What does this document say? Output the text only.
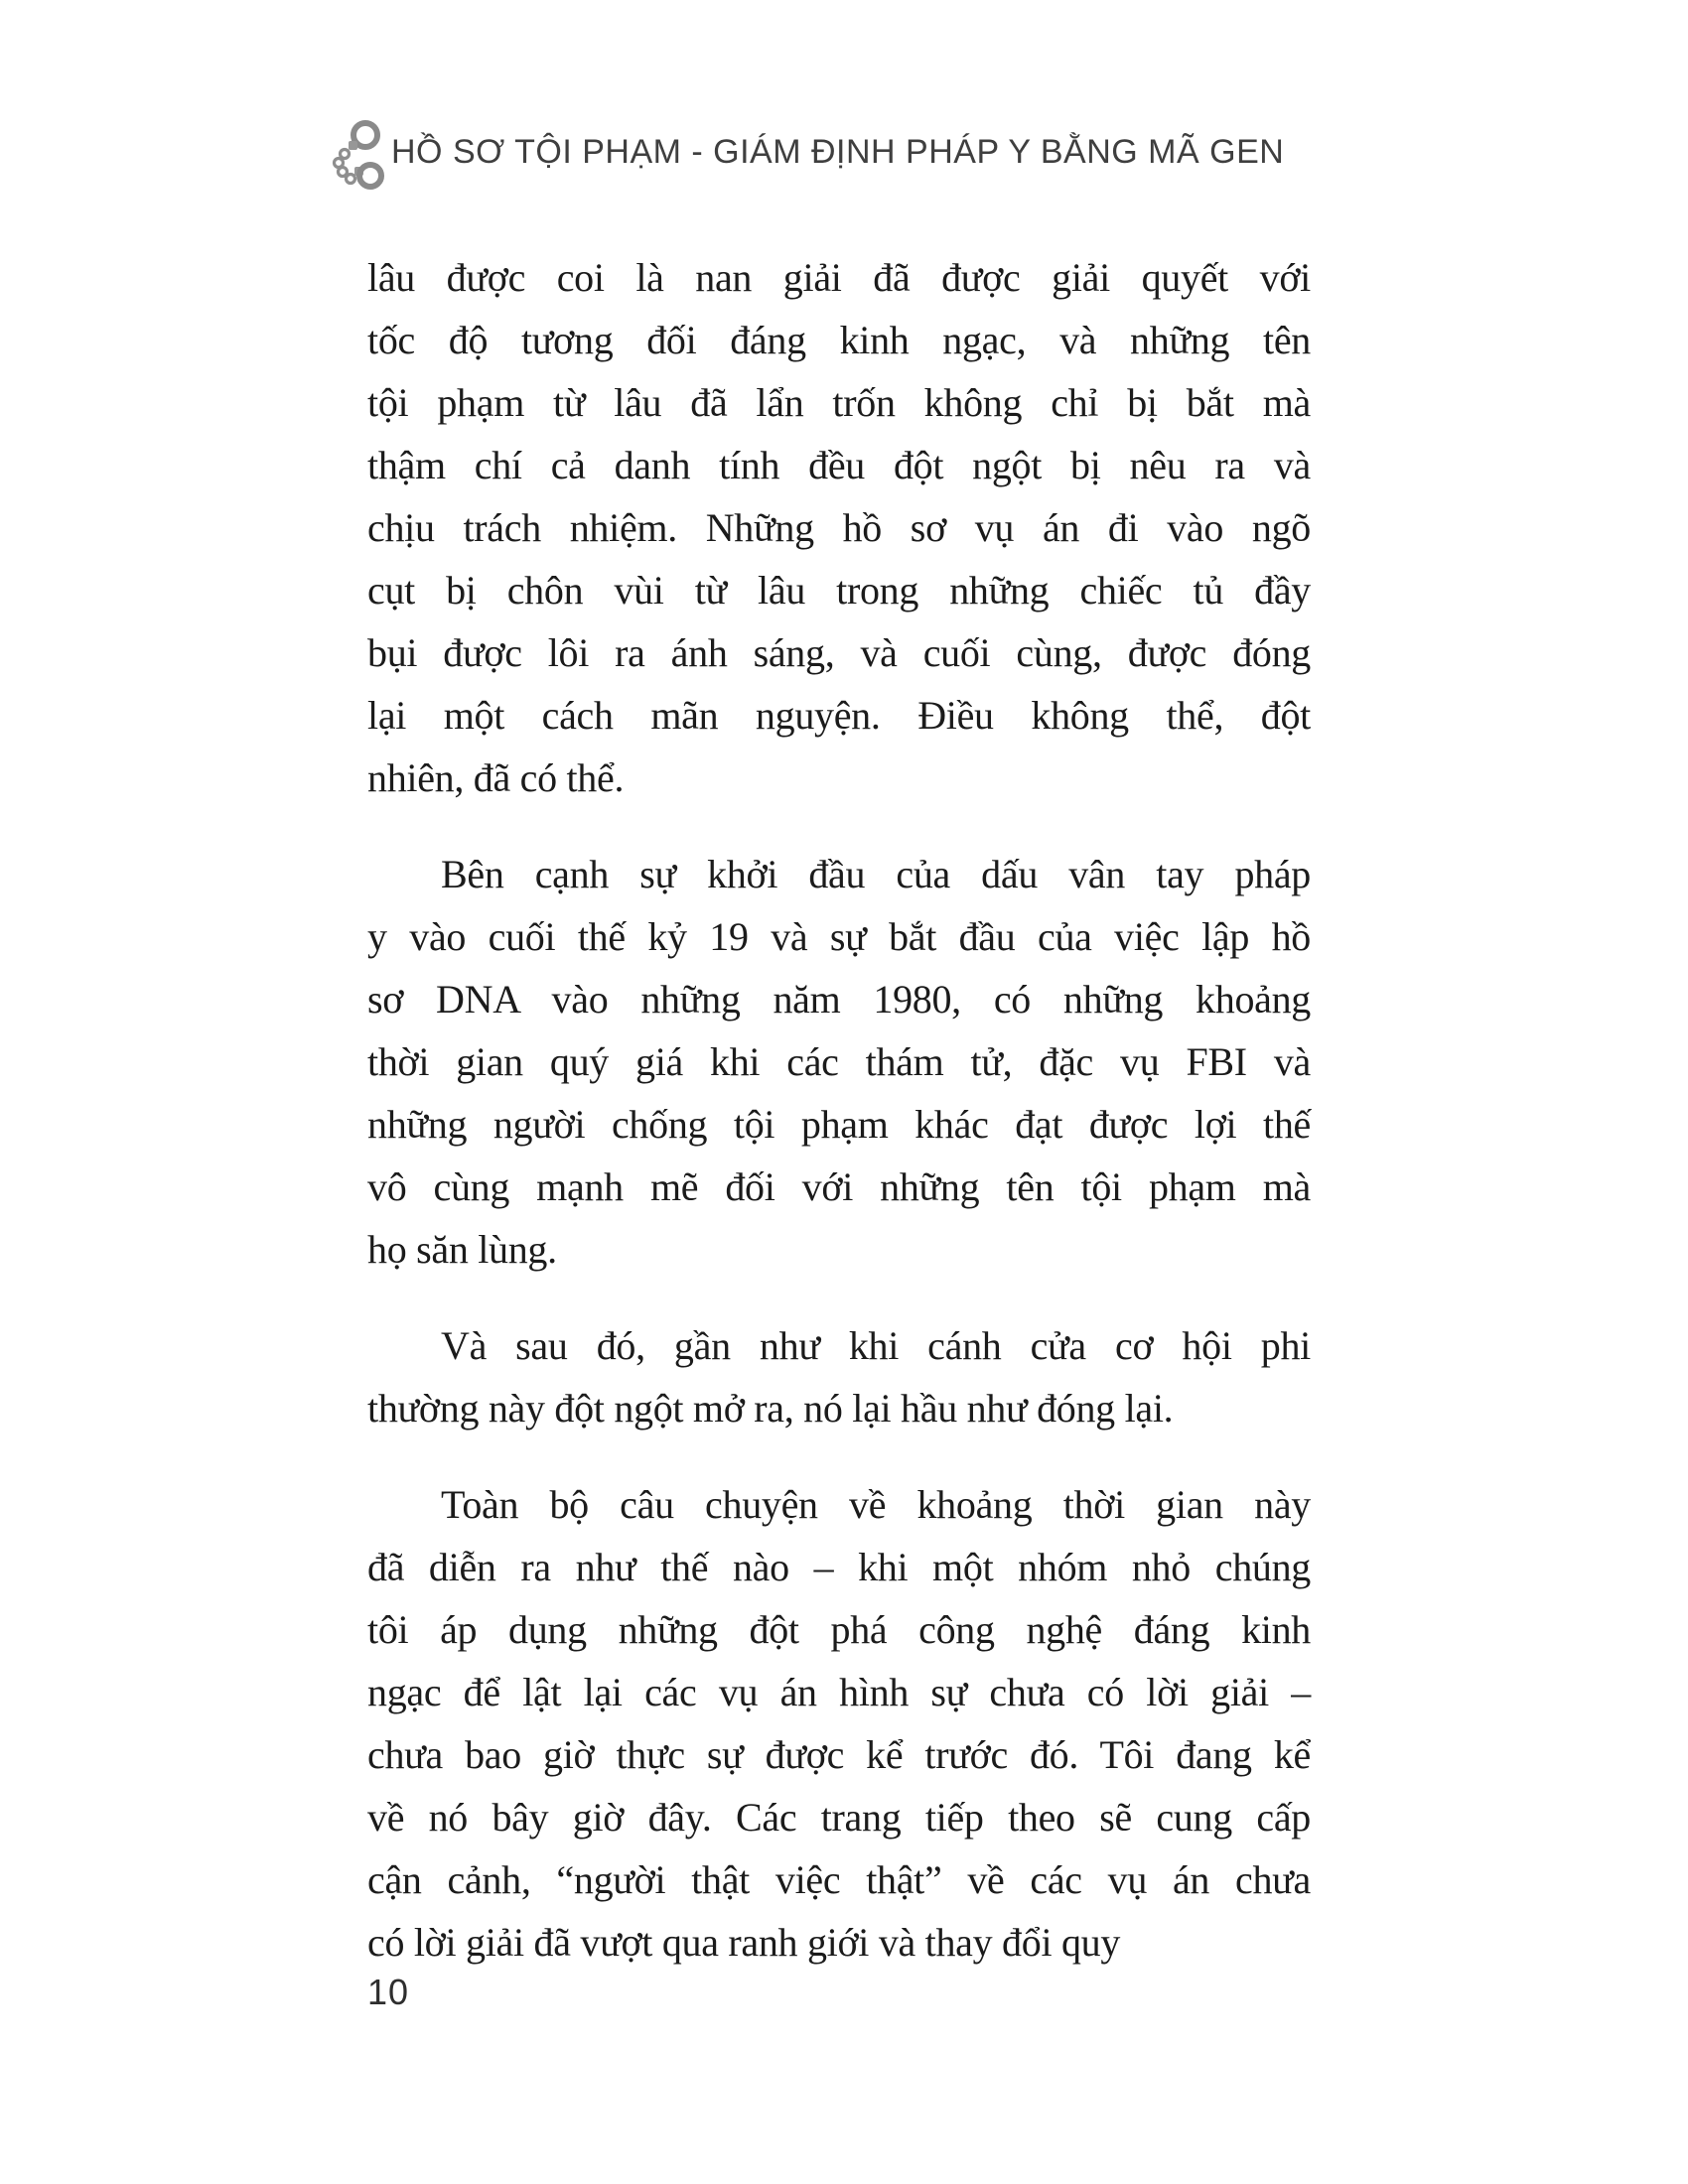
HỒ SƠ TỘI PHẠM - GIÁM ĐỊNH PHÁP Y BẰNG MÃ GEN
lâu được coi là nan giải đã được giải quyết với
tốc độ tương đối đáng kinh ngạc, và những tên
tội phạm từ lâu đã lẩn trốn không chỉ bị bắt mà
thậm chí cả danh tính đều đột ngột bị nêu ra và
chịu trách nhiệm. Những hồ sơ vụ án đi vào ngõ
cụt bị chôn vùi từ lâu trong những chiếc tủ đầy
bụi được lôi ra ánh sáng, và cuối cùng, được đóng
lại một cách mãn nguyện. Điều không thể, đột
nhiên, đã có thể.
Bên cạnh sự khởi đầu của dấu vân tay pháp
y vào cuối thế kỷ 19 và sự bắt đầu của việc lập hồ
sơ DNA vào những năm 1980, có những khoảng
thời gian quý giá khi các thám tử, đặc vụ FBI và
những người chống tội phạm khác đạt được lợi thế
vô cùng mạnh mẽ đối với những tên tội phạm mà
họ săn lùng.
Và sau đó, gần như khi cánh cửa cơ hội phi
thường này đột ngột mở ra, nó lại hầu như đóng lại.
Toàn bộ câu chuyện về khoảng thời gian này
đã diễn ra như thế nào – khi một nhóm nhỏ chúng
tôi áp dụng những đột phá công nghệ đáng kinh
ngạc để lật lại các vụ án hình sự chưa có lời giải –
chưa bao giờ thực sự được kể trước đó. Tôi đang kể
về nó bây giờ đây. Các trang tiếp theo sẽ cung cấp
cận cảnh, “người thật việc thật” về các vụ án chưa
có lời giải đã vượt qua ranh giới và thay đổi quy
10
